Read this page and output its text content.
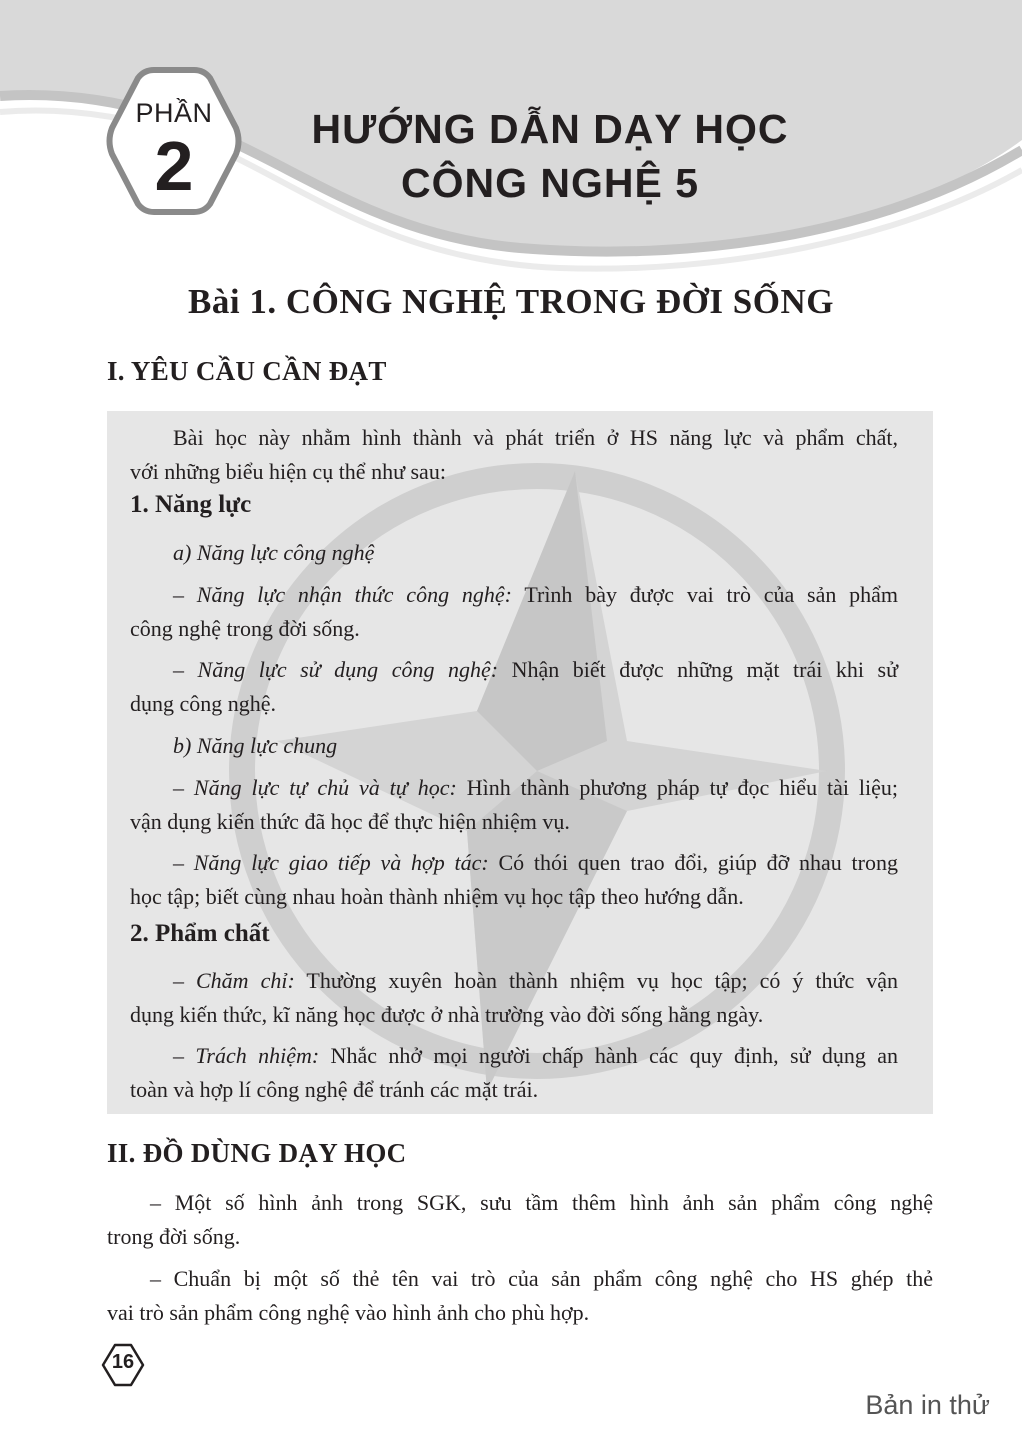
PHẦN
2	HƯỚNG DẪN DẠY HỌC
CÔNG NGHỆ 5
Bài 1. CÔNG NGHỆ TRONG ĐỜI SỐNG
I. YÊU CẦU CẦN ĐẠT
Bài học này nhằm hình thành và phát triển ở HS năng lực và phẩm chất,
với những biểu hiện cụ thể như sau:
1. Năng lực
a) Năng lực công nghệ
– Năng lực nhận thức công nghệ: Trình bày được vai trò của sản phẩm
công nghệ trong đời sống.
– Năng lực sử dụng công nghệ: Nhận biết được những mặt trái khi sử
dụng công nghệ.
b) Năng lực chung
– Năng lực tự chủ và tự học: Hình thành phương pháp tự đọc hiểu tài liệu;
vận dụng kiến thức đã học để thực hiện nhiệm vụ.
– Năng lực giao tiếp và hợp tác: Có thói quen trao đổi, giúp đỡ nhau trong
học tập; biết cùng nhau hoàn thành nhiệm vụ học tập theo hướng dẫn.
2. Phẩm chất
– Chăm chỉ: Thường xuyên hoàn thành nhiệm vụ học tập; có ý thức vận
dụng kiến thức, kĩ năng học được ở nhà trường vào đời sống hằng ngày.
– Trách nhiệm: Nhắc nhở mọi người chấp hành các quy định, sử dụng an
toàn và hợp lí công nghệ để tránh các mặt trái.
II. ĐỒ DÙNG DẠY HỌC
– Một số hình ảnh trong SGK, sưu tầm thêm hình ảnh sản phẩm công nghệ
trong đời sống.
– Chuẩn bị một số thẻ tên vai trò của sản phẩm công nghệ cho HS ghép thẻ
vai trò sản phẩm công nghệ vào hình ảnh cho phù hợp.
16
Bản in thử
